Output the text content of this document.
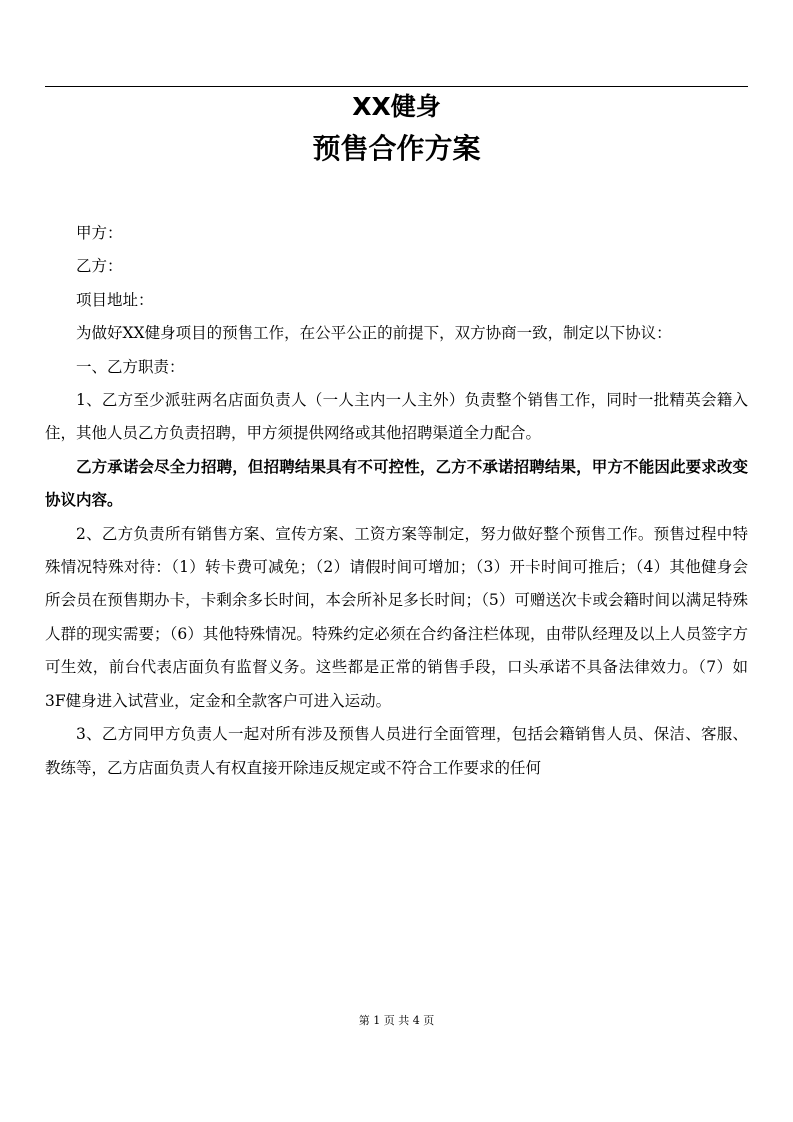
XX健身
预售合作方案

甲方：

乙方：

项目地址：

为做好XX健身项目的预售工作，在公平公正的前提下，双方协商一致，制定以下协议：

一、乙方职责：

1、乙方至少派驻两名店面负责人（一人主内一人主外）负责整个销售工作，同时一批精英会籍入住，其他人员乙方负责招聘，甲方须提供网络或其他招聘渠道全力配合。

乙方承诺会尽全力招聘，但招聘结果具有不可控性，乙方不承诺招聘结果，甲方不能因此要求改变协议内容。

2、乙方负责所有销售方案、宣传方案、工资方案等制定，努力做好整个预售工作。预售过程中特殊情况特殊对待：（1）转卡费可减免；（2）请假时间可增加；（3）开卡时间可推后；（4）其他健身会所会员在预售期办卡，卡剩余多长时间，本会所补足多长时间；（5）可赠送次卡或会籍时间以满足特殊人群的现实需要；（6）其他特殊情况。特殊约定必须在合约备注栏体现，由带队经理及以上人员签字方可生效，前台代表店面负有监督义务。这些都是正常的销售手段，口头承诺不具备法律效力。（7）如3F健身进入试营业，定金和全款客户可进入运动。

3、乙方同甲方负责人一起对所有涉及预售人员进行全面管理，包括会籍销售人员、保洁、客服、教练等，乙方店面负责人有权直接开除违反规定或不符合工作要求的任何

第 1 页 共 4 页
